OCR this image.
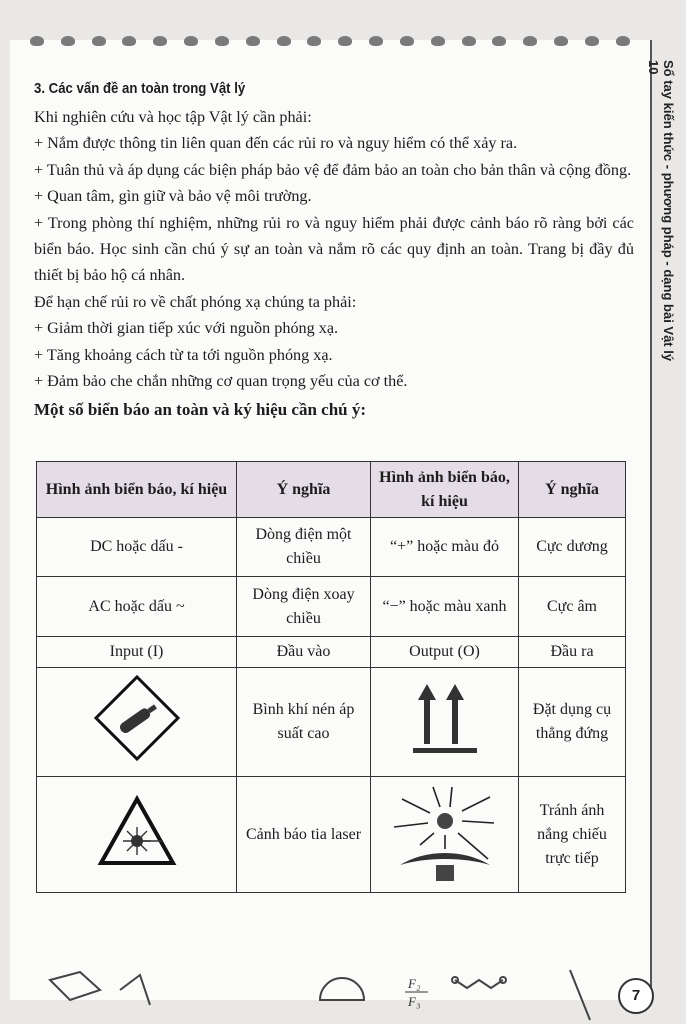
Sổ tay kiến thức - phương pháp - dạng bài Vật lý 10
3. Các vấn đề an toàn trong Vật lý

Khi nghiên cứu và học tập Vật lý cần phải:

+ Nắm được thông tin liên quan đến các rủi ro và nguy hiểm có thể xảy ra.

+ Tuân thủ và áp dụng các biện pháp bảo vệ để đảm bảo an toàn cho bản thân và cộng đồng.

+ Quan tâm, gìn giữ và bảo vệ môi trường.

+ Trong phòng thí nghiệm, những rủi ro và nguy hiểm phải được cảnh báo rõ ràng bởi các biển báo. Học sinh cần chú ý sự an toàn và nắm rõ các quy định an toàn. Trang bị đầy đủ thiết bị bảo hộ cá nhân.

Để hạn chế rủi ro về chất phóng xạ chúng ta phải:

+ Giảm thời gian tiếp xúc với nguồn phóng xạ.

+ Tăng khoảng cách từ ta tới nguồn phóng xạ.

+ Đảm bảo che chắn những cơ quan trọng yếu của cơ thể.

Một số biển báo an toàn và ký hiệu cần chú ý:

Hình ảnh biển báo, kí hiệu	Ý nghĩa	Hình ảnh biển báo, kí hiệu	Ý nghĩa
DC hoặc dấu -	Dòng điện một chiều	“+” hoặc màu đỏ	Cực dương
AC hoặc dấu ~	Dòng điện xoay chiều	“−” hoặc màu xanh	Cực âm
Input (I)	Đầu vào	Output (O)	Đầu ra
	Bình khí nén áp suất cao		Đặt dụng cụ thẳng đứng
	Cảnh báo tia laser		Tránh ánh nắng chiếu trực tiếp
F₂
F₃	7
